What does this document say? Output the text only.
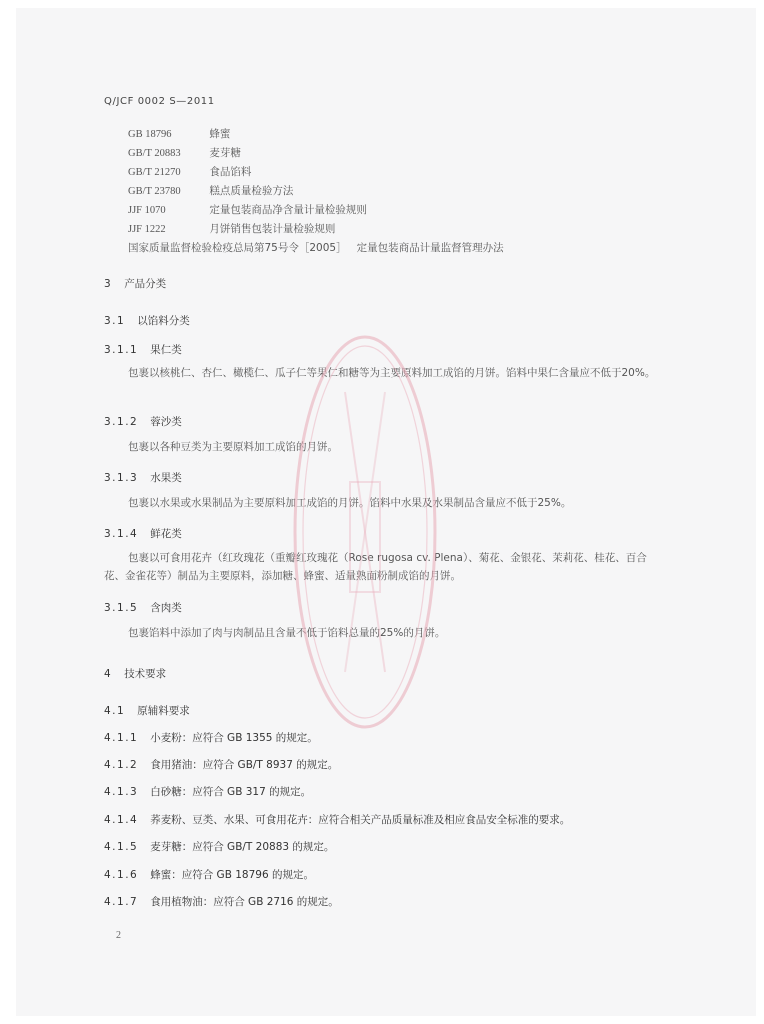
Q/JCF 0002 S—2011
GB 18796	蜂蜜
GB/T 20883	麦芽糖
GB/T 21270	食品馅料
GB/T 23780	糕点质量检验方法
JJF 1070	定量包装商品净含量计量检验规则
JJF 1222	月饼销售包装计量检验规则
国家质量监督检验检疫总局第75号令［2005］ 定量包装商品计量监督管理办法
3 产品分类
3.1 以馅料分类
3.1.1 果仁类
包裹以核桃仁、杏仁、橄榄仁、瓜子仁等果仁和糖等为主要原料加工成馅的月饼。馅料中果仁含量应不低于20%。
3.1.2 蓉沙类
包裹以各种豆类为主要原料加工成馅的月饼。
3.1.3 水果类
包裹以水果或水果制品为主要原料加工成馅的月饼。馅料中水果及水果制品含量应不低于25%。
3.1.4 鲜花类
包裹以可食用花卉（红玫瑰花（重瓣红玫瑰花（Rose rugosa cv. Plena）、菊花、金银花、茉莉花、桂花、百合花、金雀花等）制品为主要原料，添加糖、蜂蜜、适量熟面粉制成馅的月饼。
3.1.5 含肉类
包裹馅料中添加了肉与肉制品且含量不低于馅料总量的25%的月饼。
4 技术要求
4.1 原辅料要求
4.1.1 小麦粉：应符合 GB 1355 的规定。
4.1.2 食用猪油：应符合 GB/T 8937 的规定。
4.1.3 白砂糖：应符合 GB 317 的规定。
4.1.4 荞麦粉、豆类、水果、可食用花卉：应符合相关产品质量标准及相应食品安全标准的要求。
4.1.5 麦芽糖：应符合 GB/T 20883 的规定。
4.1.6 蜂蜜：应符合 GB 18796 的规定。
4.1.7 食用植物油：应符合 GB 2716 的规定。
2
